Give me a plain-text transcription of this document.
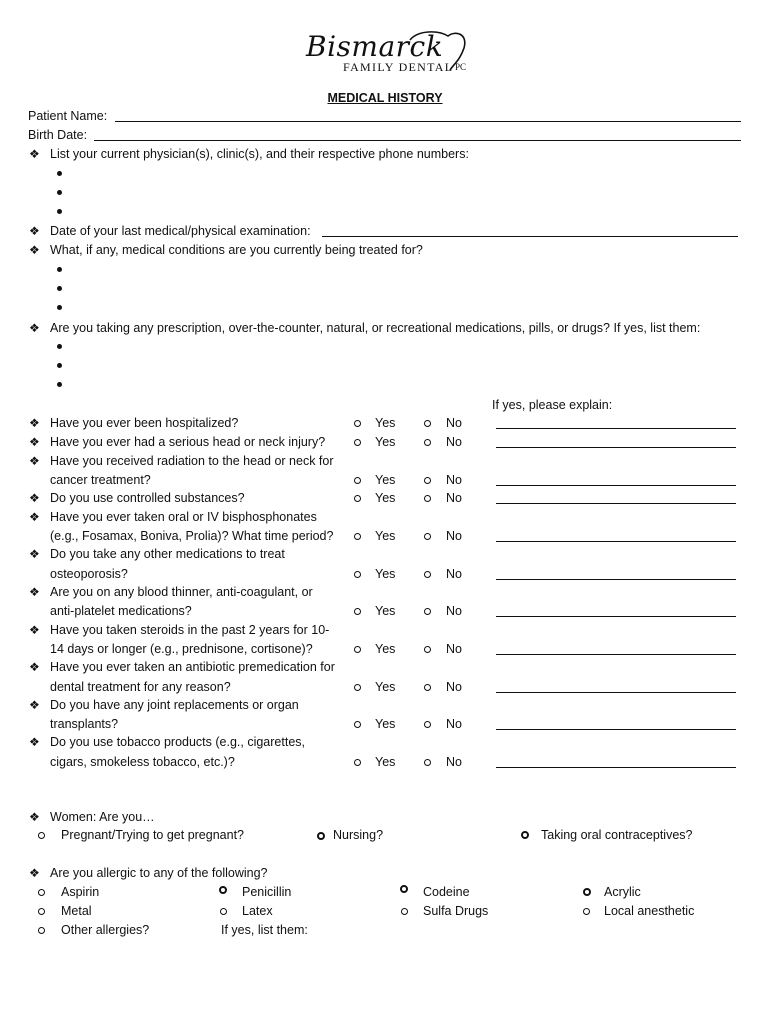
Bismarck
FAMILY DENTAL PC
MEDICAL HISTORY
Patient Name:
Birth Date:
❖ List your current physician(s), clinic(s), and their respective phone numbers:
❖ Date of your last medical/physical examination:
❖ What, if any, medical conditions are you currently being treated for?
❖ Are you taking any prescription, over-the-counter, natural, or recreational medications, pills, or drugs? If yes, list them:
If yes, please explain:
❖ Have you ever been hospitalized?	Yes	No
❖ Have you ever had a serious head or neck injury?	Yes	No
❖ Have you received radiation to the head or neck for
cancer treatment?	Yes	No
❖ Do you use controlled substances?	Yes	No
❖ Have you ever taken oral or IV bisphosphonates
(e.g., Fosamax, Boniva, Prolia)? What time period?	Yes	No
❖ Do you take any other medications to treat
osteoporosis?	Yes	No
❖ Are you on any blood thinner, anti-coagulant, or
anti-platelet medications?	Yes	No
❖ Have you taken steroids in the past 2 years for 10-
14 days or longer (e.g., prednisone, cortisone)?	Yes	No
❖ Have you ever taken an antibiotic premedication for
dental treatment for any reason?	Yes	No
❖ Do you have any joint replacements or organ
transplants?	Yes	No
❖ Do you use tobacco products (e.g., cigarettes,
cigars, smokeless tobacco, etc.)?	Yes	No
❖ Women: Are you…
Pregnant/Trying to get pregnant?	Nursing?	Taking oral contraceptives?
❖ Are you allergic to any of the following?
Aspirin	Penicillin	Codeine	Acrylic
Metal	Latex	Sulfa Drugs	Local anesthetic
Other allergies?	If yes, list them:
